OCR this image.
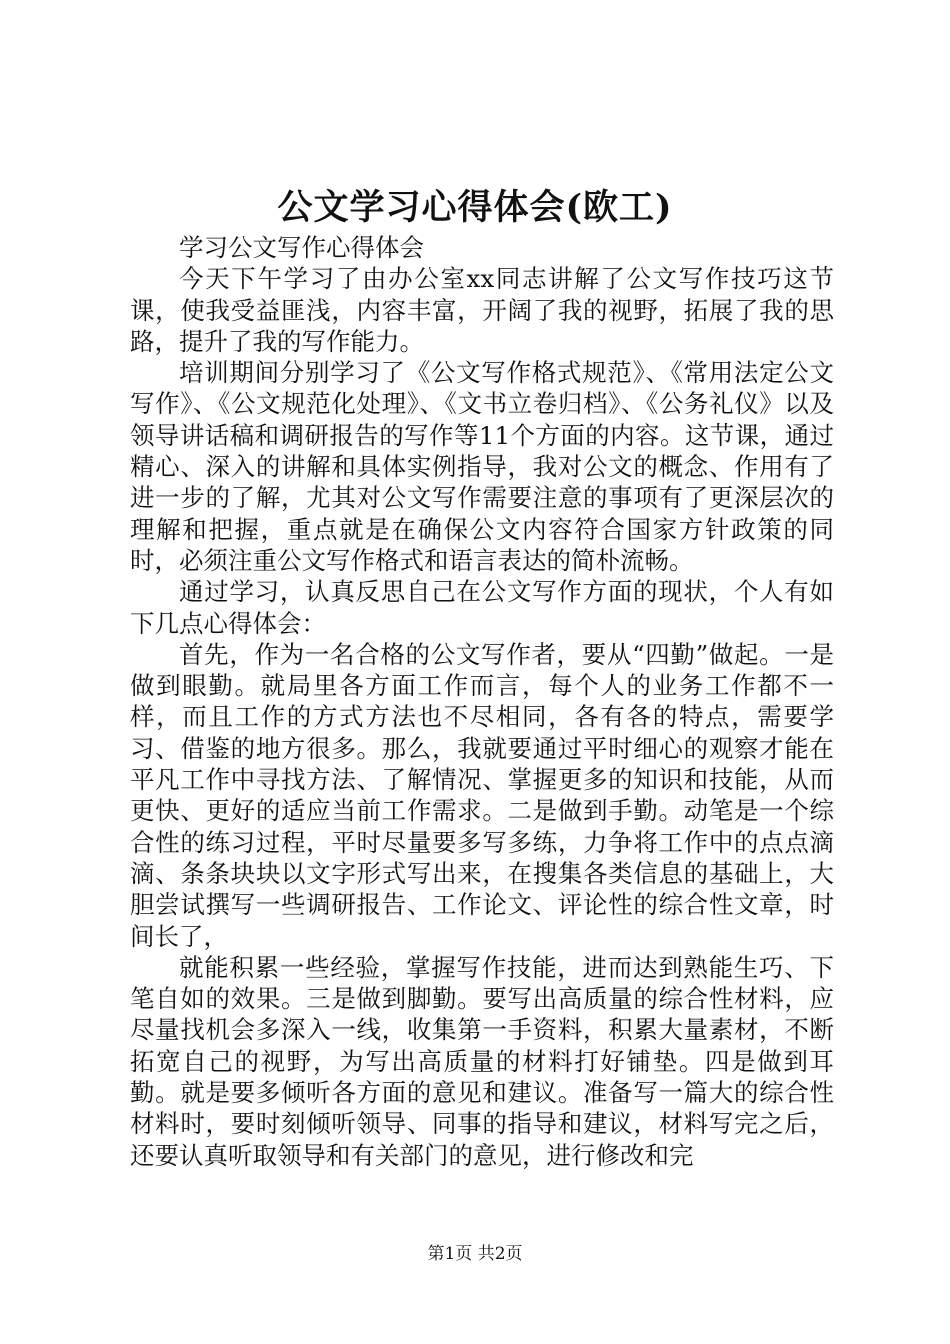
公文学习心得体会(欧工)

学习公文写作心得体会

今天下午学习了由办公室xx同志讲解了公文写作技巧这节课，使我受益匪浅，内容丰富，开阔了我的视野，拓展了我的思路，提升了我的写作能力。

培训期间分别学习了《公文写作格式规范》、《常用法定公文写作》、《公文规范化处理》、《文书立卷归档》、《公务礼仪》以及领导讲话稿和调研报告的写作等11个方面的内容。这节课，通过精心、深入的讲解和具体实例指导，我对公文的概念、作用有了进一步的了解，尤其对公文写作需要注意的事项有了更深层次的理解和把握，重点就是在确保公文内容符合国家方针政策的同时，必须注重公文写作格式和语言表达的简朴流畅。

通过学习，认真反思自己在公文写作方面的现状，个人有如下几点心得体会：

首先，作为一名合格的公文写作者，要从“四勤”做起。一是做到眼勤。就局里各方面工作而言，每个人的业务工作都不一样，而且工作的方式方法也不尽相同，各有各的特点，需要学习、借鉴的地方很多。那么，我就要通过平时细心的观察才能在平凡工作中寻找方法、了解情况、掌握更多的知识和技能，从而更快、更好的适应当前工作需求。二是做到手勤。动笔是一个综合性的练习过程，平时尽量要多写多练，力争将工作中的点点滴滴、条条块块以文字形式写出来，在搜集各类信息的基础上，大胆尝试撰写一些调研报告、工作论文、评论性的综合性文章，时间长了，

就能积累一些经验，掌握写作技能，进而达到熟能生巧、下笔自如的效果。三是做到脚勤。要写出高质量的综合性材料，应尽量找机会多深入一线，收集第一手资料，积累大量素材，不断拓宽自己的视野，为写出高质量的材料打好铺垫。四是做到耳勤。就是要多倾听各方面的意见和建议。准备写一篇大的综合性材料时，要时刻倾听领导、同事的指导和建议，材料写完之后，还要认真听取领导和有关部门的意见，进行修改和完

第1页 共2页
